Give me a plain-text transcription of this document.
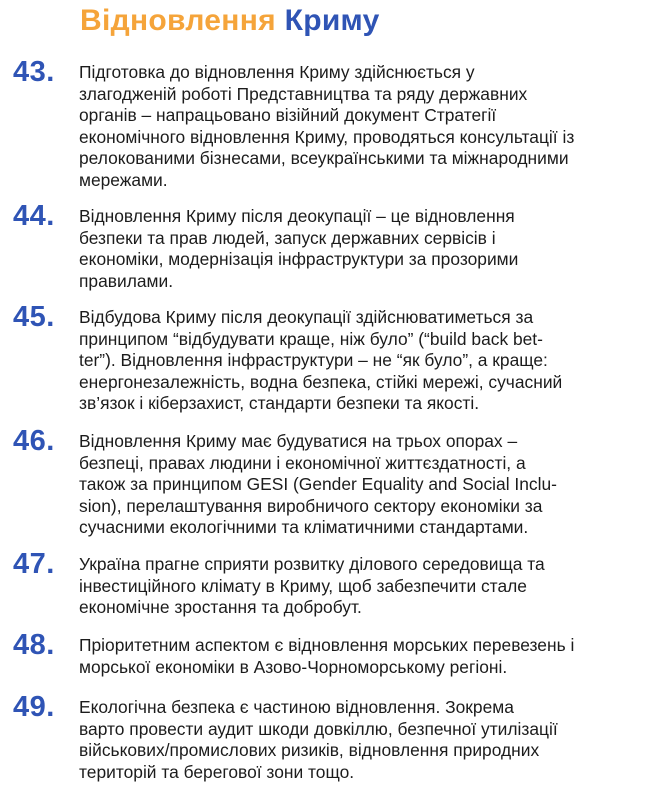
Відновлення Криму
43. Підготовка до відновлення Криму здійснюється у
злагодженій роботі Представництва та ряду державних
органів – напрацьовано візійний документ Стратегії
економічного відновлення Криму, проводяться консультації із
релокованими бізнесами, всеукраїнськими та міжнародними
мережами.
44. Відновлення Криму після деокупації – це відновлення
безпеки та прав людей, запуск державних сервісів і
економіки, модернізація інфраструктури за прозорими
правилами.
45. Відбудова Криму після деокупації здійснюватиметься за
принципом “відбудувати краще, ніж було” (“build back bet-
ter”). Відновлення інфраструктури – не “як було”, а краще:
енергонезалежність, водна безпека, стійкі мережі, сучасний
зв’язок і кіберзахист, стандарти безпеки та якості.
46. Відновлення Криму має будуватися на трьох опорах –
безпеці, правах людини і економічної життєздатності, а
також за принципом GESI (Gender Equality and Social Inclu-
sion), перелаштування виробничого сектору економіки за
сучасними екологічними та кліматичними стандартами.
47. Україна прагне сприяти розвитку ділового середовища та
інвестиційного клімату в Криму, щоб забезпечити сталe
економічне зростання та добробут.
48. Пріоритетним аспектом є відновлення морських перевезень і
морської економіки в Азово-Чорноморському регіоні.
49. Екологічна безпека є частиною відновлення. Зокрема
варто провести аудит шкоди довкіллю, безпечної утилізації
військових/промислових ризиків, відновлення природних
територій та берегової зони тощо.
